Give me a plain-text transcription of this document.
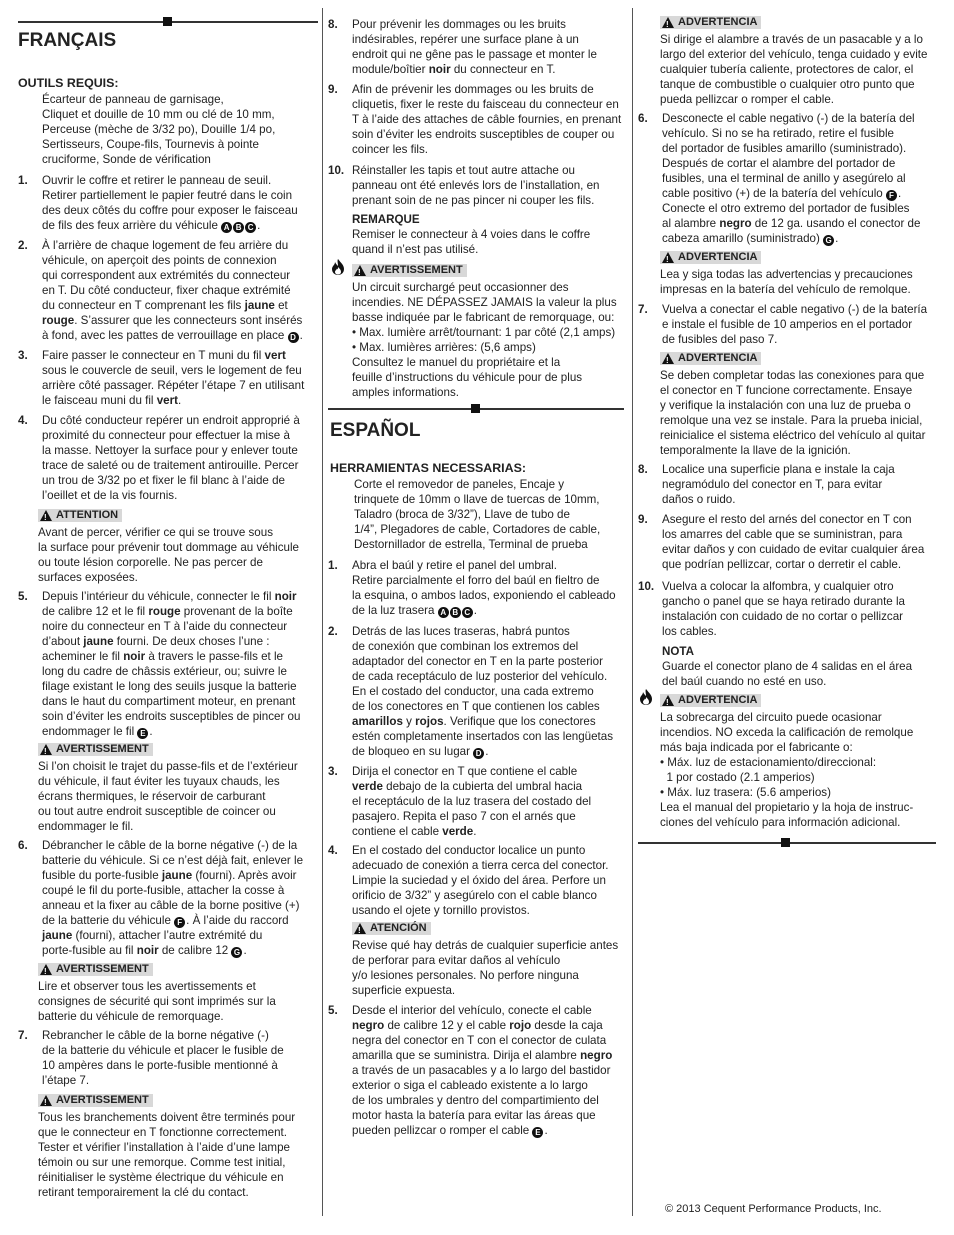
FRANÇAIS
OUTILS REQUIS:
Écarteur de panneau de garnisage,
Cliquet et douille de 10 mm ou clé de 10 mm,
Perceuse (mèche de 3/32 po), Douille 1/4 po,
Sertisseurs, Coupe-fils, Tournevis à pointe
cruciforme, Sonde de vérification
1. Ouvrir le coffre et retirer le panneau de seuil.
Retirer partiellement le papier feutré dans le coin
des deux côtés du coffre pour exposer le faisceau
de fils des feux arrière du véhicule A B C .
2. À l’arrière de chaque logement de feu arrière du
véhicule, on aperçoit des points de connexion
qui correspondent aux extrémités du connecteur
en T. Du côté conducteur, fixer chaque extrémité
du connecteur en T comprenant les fils jaune et
rouge. S’assurer que les connecteurs sont insérés
à fond, avec les pattes de verrouillage en place D .
3. Faire passer le connecteur en T muni du fil vert
sous le couvercle de seuil, vers le logement de feu
arrière côté passager. Répéter l’étape 7 en utilisant
le faisceau muni du fil vert.
4. Du côté conducteur repérer un endroit approprié à
proximité du connecteur pour effectuer la mise à
la masse. Nettoyer la surface pour y enlever toute
trace de saleté ou de traitement antirouille. Percer
un trou de 3/32 po et fixer le fil blanc à l’aide de
l’oeillet et de la vis fournis.
!
ATTENTION
Avant de percer, vérifier ce qui se trouve sous
la surface pour prévenir tout dommage au véhicule
ou toute lésion corporelle. Ne pas percer de
surfaces exposées.
5. Depuis l’intérieur du véhicule, connecter le fil noir
de calibre 12 et le fil rouge provenant de la boîte
noire du connecteur en T à l’aide du connecteur
d’about jaune fourni. De deux choses l’une :
acheminer le fil noir à travers le passe-fils et le
long du cadre de châssis extérieur, ou; suivre le
filage existant le long des seuils jusque la batterie
dans le haut du compartiment moteur, en prenant
soin d’éviter les endroits susceptibles de pincer ou
endommager le fil E .
!
AVERTISSEMENT
Si l’on choisit le trajet du passe-fils et de l’extérieur
du véhicule, il faut éviter les tuyaux chauds, les
écrans thermiques, le réservoir de carburant
ou tout autre endroit susceptible de coincer ou
endommager le fil.
6. Débrancher le câble de la borne négative (-) de la
batterie du véhicule. Si ce n’est déjà fait, enlever le
fusible du porte-fusible jaune (fourni). Après avoir
coupé le fil du porte-fusible, attacher la cosse à
anneau et la fixer au câble de la borne positive (+)
de la batterie du véhicule F . À l’aide du raccord
jaune (fourni), attacher l’autre extrémité du
porte-fusible au fil noir de calibre 12 G .
!
AVERTISSEMENT
Lire et observer tous les avertissements et
consignes de sécurité qui sont imprimés sur la
batterie du véhicule de remorquage.
7. Rebrancher le câble de la borne négative (-)
de la batterie du véhicule et placer le fusible de
10 ampères dans le porte-fusible mentionné à
l’étape 7.
!
AVERTISSEMENT
Tous les branchements doivent être terminés pour
que le connecteur en T fonctionne correctement.
Tester et vérifier l’installation à l’aide d’une lampe
témoin ou sur une remorque. Comme test initial,
réinitialiser le système électrique du véhicule en
retirant temporairement la clé du contact.
8. Pour prévenir les dommages ou les bruits
indésirables, repérer une surface plane à un
endroit qui ne gêne pas le passage et monter le
module/boîtier noir du connecteur en T.
9. Afin de prévenir les dommages ou les bruits de
cliquetis, fixer le reste du faisceau du connecteur en
T à l’aide des attaches de câble fournies, en prenant
soin d’éviter les endroits susceptibles de couper ou
coincer les fils.
10. Réinstaller les tapis et tout autre attache ou
panneau ont été enlevés lors de l’installation, en
prenant soin de ne pas pincer ni couper les fils.
REMARQUE
Remiser le connecteur à 4 voies dans le coffre
quand il n’est pas utilisé.
!
AVERTISSEMENT
Un circuit surchargé peut occasionner des
incendies. NE DÉPASSEZ JAMAIS la valeur la plus
basse indiquée par le fabricant de remorquage, ou:
• Max. lumière arrêt/tournant: 1 par côté (2,1 amps)
• Max. lumières arrières: (5,6 amps)
Consultez le manuel du propriétaire et la
feuille d’instructions du véhicule pour de plus
amples informations.
ESPAÑOL
HERRAMIENTAS NECESSARIAS:
Corte el removedor de paneles, Encaje y
trinquete de 10mm o llave de tuercas de 10mm,
Taladro (broca de 3/32”), Llave de tubo de
1/4”, Plegadores de cable, Cortadores de cable,
Destornillador de estrella, Terminal de prueba
1. Abra el baúl y retire el panel del umbral.
Retire parcialmente el forro del baúl en fieltro de
la esquina, o ambos lados, exponiendo el cableado
de la luz trasera A B C .
2. Detrás de las luces traseras, habrá puntos
de conexión que combinan los extremos del
adaptador del conector en T en la parte posterior
de cada receptáculo de luz posterior del vehículo.
En el costado del conductor, una cada extremo
de los conectores en T que contienen los cables
amarillos y rojos. Verifique que los conectores
estén completamente insertados con las lengüetas
de bloqueo en su lugar D .
3. Dirija el conector en T que contiene el cable
verde debajo de la cubierta del umbral hacia
el receptáculo de la luz trasera del costado del
pasajero. Repita el paso 7 con el arnés que
contiene el cable verde.
4. En el costado del conductor localice un punto
adecuado de conexión a tierra cerca del conector.
Limpie la suciedad y el óxido del área. Perfore un
orificio de 3/32” y asegúrelo con el cable blanco
usando el ojete y tornillo provistos.
!
ATENCIÓN
Revise qué hay detrás de cualquier superficie antes
de perforar para evitar daños al vehículo
y/o lesiones personales. No perfore ninguna
superficie expuesta.
5. Desde el interior del vehículo, conecte el cable
negro de calibre 12 y el cable rojo desde la caja
negra del conector en T con el conector de culata
amarilla que se suministra. Dirija el alambre negro
a través de un pasacables y a lo largo del bastidor
exterior o siga el cableado existente a lo largo
de los umbrales y dentro del compartimiento del
motor hasta la batería para evitar las áreas que
pueden pellizcar o romper el cable E .
!
ADVERTENCIA
Si dirige el alambre a través de un pasacable y a lo
largo del exterior del vehículo, tenga cuidado y evite
cualquier tubería caliente, protectores de calor, el
tanque de combustible o cualquier otro punto que
pueda pellizcar o romper el cable.
6. Desconecte el cable negativo (-) de la batería del
vehículo. Si no se ha retirado, retire el fusible
del portador de fusibles amarillo (suministrado).
Después de cortar el alambre del portador de
fusibles, una el terminal de anillo y asegúrelo al
cable positivo (+) de la batería del vehículo F .
Conecte el otro extremo del portador de fusibles
al alambre negro de 12 ga. usando el conector de
cabeza amarillo (suministrado) G .
!
ADVERTENCIA
Lea y siga todas las advertencias y precauciones
impresas en la batería del vehículo de remolque.
7. Vuelva a conectar el cable negativo (-) de la batería
e instale el fusible de 10 amperios en el portador
de fusibles del paso 7.
!
ADVERTENCIA
Se deben completar todas las conexiones para que
el conector en T funcione correctamente. Ensaye
y verifique la instalación con una luz de prueba o
remolque una vez se instale. Para la prueba inicial,
reinicialice el sistema eléctrico del vehículo al quitar
temporalmente la llave de la ignición.
8. Localice una superficie plana e instale la caja
negramódulo del conector en T, para evitar
daños o ruido.
9. Asegure el resto del arnés del conector en T con
los amarres del cable que se suministran, para
evitar daños y con cuidado de evitar cualquier área
que podrían pellizcar, cortar o derretir el cable.
10. Vuelva a colocar la alfombra, y cualquier otro
gancho o panel que se haya retirado durante la
instalación con cuidado de no cortar o pellizcar
los cables.
NOTA
Guarde el conector plano de 4 salidas en el área
del baúl cuando no esté en uso.
!
ADVERTENCIA
La sobrecarga del circuito puede ocasionar
incendios. NO exceda la calificación de remolque
más baja indicada por el fabricante o:
• Máx. luz de estacionamiento/direccional:
1 por costado (2.1 amperios)
• Máx. luz trasera: (5.6 amperios)
Lea el manual del propietario y la hoja de instruc-
ciones del vehículo para información adicional.
© 2013 Cequent Performance Products, Inc.
